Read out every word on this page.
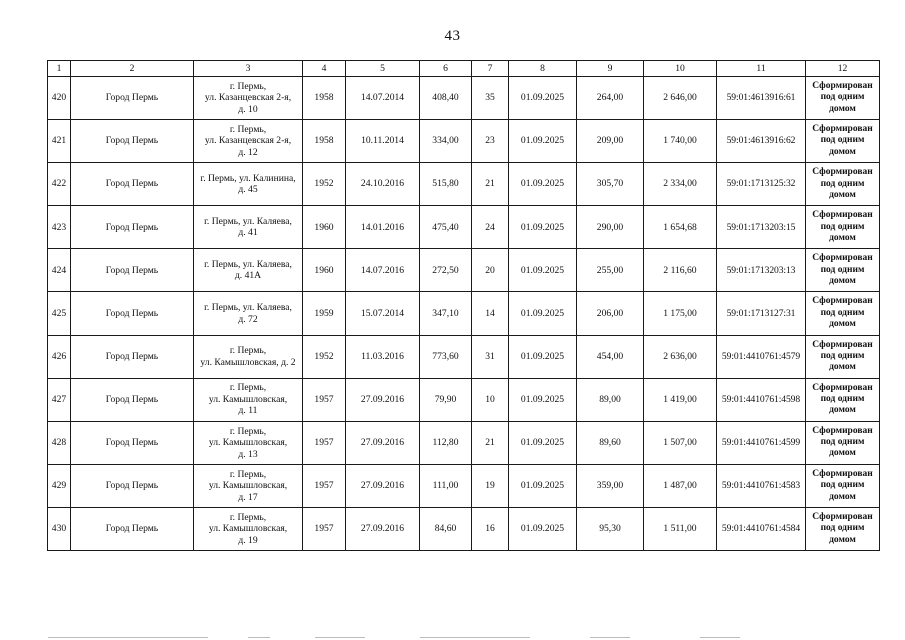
43
1	2	3	4	5	6	7	8	9	10	11	12
420	Город Пермь	г. Пермь,
ул. Казанцевская 2-я,
д. 10	1958	14.07.2014	408,40	35	01.09.2025	264,00	2 646,00	59:01:4613916:61	Сформирован
под одним
домом
421	Город Пермь	г. Пермь,
ул. Казанцевская 2-я,
д. 12	1958	10.11.2014	334,00	23	01.09.2025	209,00	1 740,00	59:01:4613916:62	Сформирован
под одним
домом
422	Город Пермь	г. Пермь, ул. Калинина,
д. 45	1952	24.10.2016	515,80	21	01.09.2025	305,70	2 334,00	59:01:1713125:32	Сформирован
под одним
домом
423	Город Пермь	г. Пермь, ул. Каляева,
д. 41	1960	14.01.2016	475,40	24	01.09.2025	290,00	1 654,68	59:01:1713203:15	Сформирован
под одним
домом
424	Город Пермь	г. Пермь, ул. Каляева,
д. 41А	1960	14.07.2016	272,50	20	01.09.2025	255,00	2 116,60	59:01:1713203:13	Сформирован
под одним
домом
425	Город Пермь	г. Пермь, ул. Каляева,
д. 72	1959	15.07.2014	347,10	14	01.09.2025	206,00	1 175,00	59:01:1713127:31	Сформирован
под одним
домом
426	Город Пермь	г. Пермь,
ул. Камышловская, д. 2	1952	11.03.2016	773,60	31	01.09.2025	454,00	2 636,00	59:01:4410761:4579	Сформирован
под одним
домом
427	Город Пермь	г. Пермь,
ул. Камышловская,
д. 11	1957	27.09.2016	79,90	10	01.09.2025	89,00	1 419,00	59:01:4410761:4598	Сформирован
под одним
домом
428	Город Пермь	г. Пермь,
ул. Камышловская,
д. 13	1957	27.09.2016	112,80	21	01.09.2025	89,60	1 507,00	59:01:4410761:4599	Сформирован
под одним
домом
429	Город Пермь	г. Пермь,
ул. Камышловская,
д. 17	1957	27.09.2016	111,00	19	01.09.2025	359,00	1 487,00	59:01:4410761:4583	Сформирован
под одним
домом
430	Город Пермь	г. Пермь,
ул. Камышловская,
д. 19	1957	27.09.2016	84,60	16	01.09.2025	95,30	1 511,00	59:01:4410761:4584	Сформирован
под одним
домом
